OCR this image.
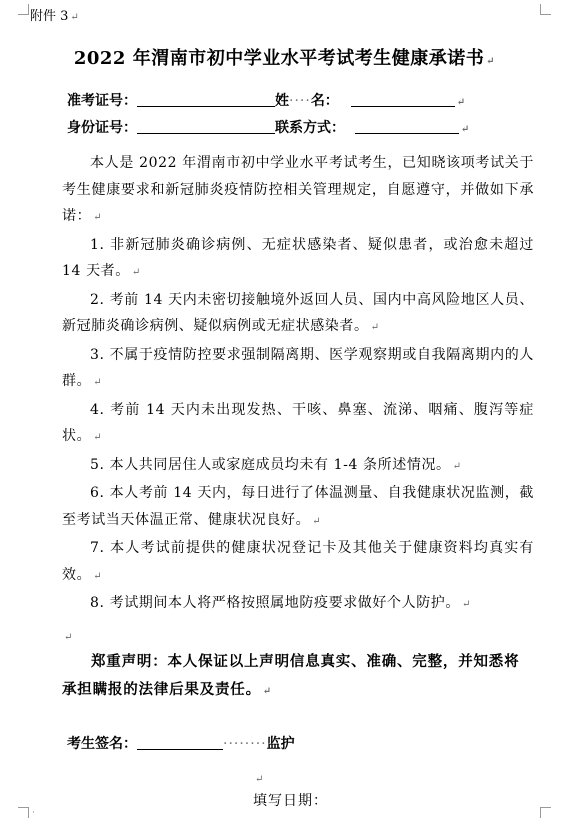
附件 3 ↵
2022 年渭南市初中学业水平考试考生健康承诺书 ↵
准考证号：	姓····名：	↵
身份证号：	联系方式：	↵

本人是 2022 年渭南市初中学业水平考试考生，已知晓该项考试关于考生健康要求和新冠肺炎疫情防控相关管理规定，自愿遵守，并做如下承诺： ↵

1. 非新冠肺炎确诊病例、无症状感染者、疑似患者，或治愈未超过 14 天者。 ↵

2. 考前 14 天内未密切接触境外返回人员、国内中高风险地区人员、新冠肺炎确诊病例、疑似病例或无症状感染者。 ↵

3. 不属于疫情防控要求强制隔离期、医学观察期或自我隔离期内的人群。 ↵

4. 考前 14 天内未出现发热、干咳、鼻塞、流涕、咽痛、腹泻等症状。 ↵

5. 本人共同居住人或家庭成员均未有 1-4 条所述情况。 ↵

6. 本人考前 14 天内，每日进行了体温测量、自我健康状况监测，截至考试当天体温正常、健康状况良好。 ↵

7. 本人考试前提供的健康状况登记卡及其他关于健康资料均真实有效。 ↵

8. 考试期间本人将严格按照属地防疫要求做好个人防护。 ↵

↵

郑重声明：本人保证以上声明信息真实、准确、完整，并知悉将承担瞒报的法律后果及责任。 ↵
考生签名：	········监护
↵
填写日期：
·
